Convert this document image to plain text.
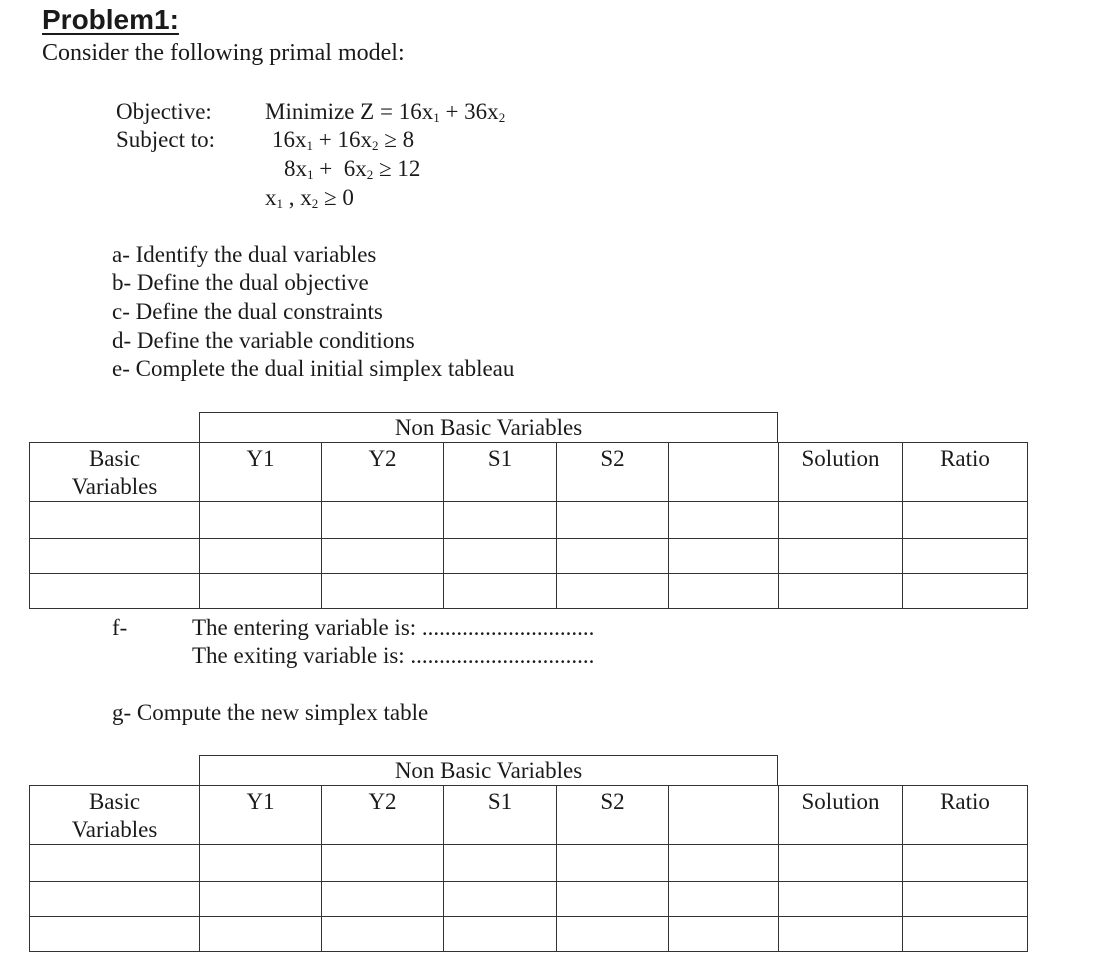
Problem1:
Consider the following primal model:
Objective:
Subject to:
Minimize $Z = 16x_1 + 36x_2$
$16x_1 + 16x_2 \ge 8$
$8x_1 + 6x_2 \ge 12$
$x_1$ , $x_2 \ge 0$
a- Identify the dual variables
b- Define the dual objective
c- Define the dual constraints
d- Define the variable conditions
e- Complete the dual initial simplex tableau
Non Basic Variables
Basic
Variables	Y1	Y2	S1	S2		Solution	Ratio

f-	The entering variable is: ..............................
The exiting variable is: ................................
g- Compute the new simplex table
Non Basic Variables
Basic
Variables	Y1	Y2	S1	S2		Solution	Ratio
